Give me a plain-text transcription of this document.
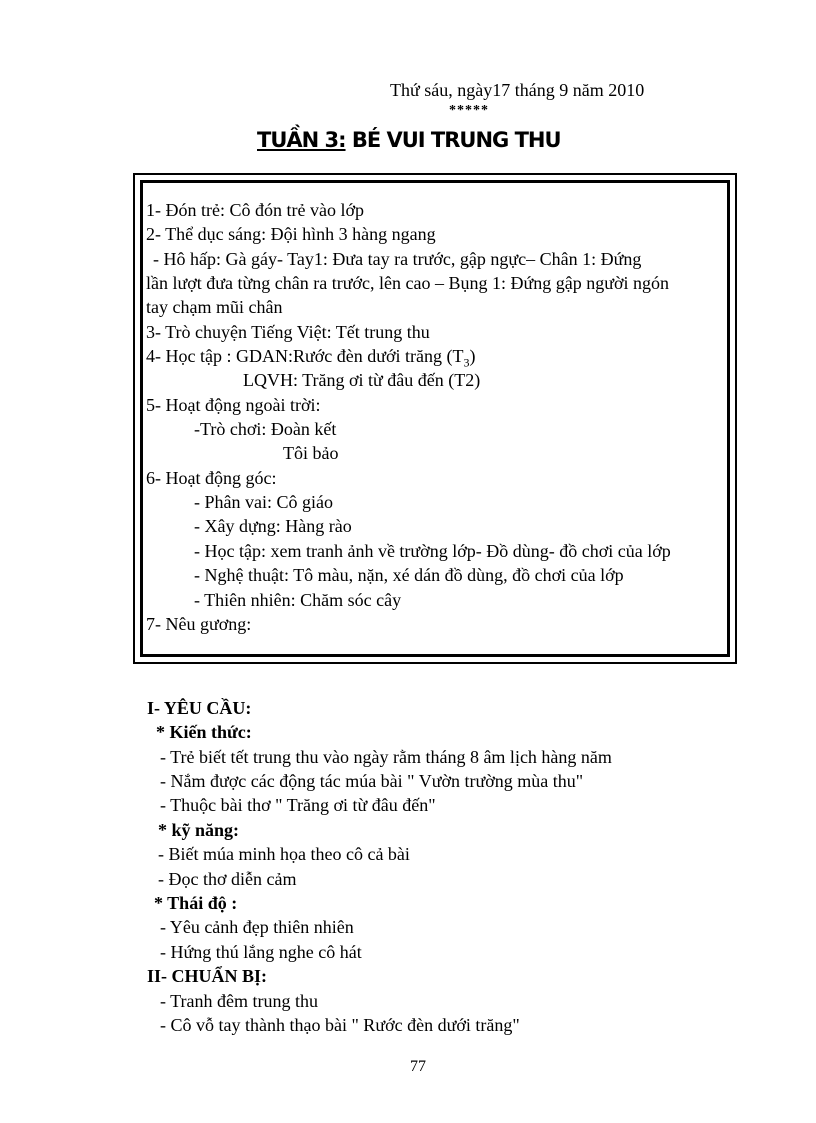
Thứ sáu, ngày17 tháng 9 năm 2010
*****
TUẦN 3: BÉ VUI TRUNG THU
1- Đón trẻ: Cô đón trẻ vào lớp
2- Thể dục sáng: Đội hình 3 hàng ngang
- Hô hấp: Gà gáy- Tay1: Đưa tay ra trước, gập ngực– Chân 1: Đứng
lần lượt đưa từng chân ra trước, lên cao – Bụng 1: Đứng gập người ngón
tay chạm mũi chân
3- Trò chuyện Tiếng Việt: Tết trung thu
4- Học tập : GDAN:Rước đèn dưới trăng $(T_3)$
LQVH: Trăng ơi từ đâu đến (T2)
5- Hoạt động ngoài trời:
-Trò chơi: Đoàn kết
Tôi bảo
6- Hoạt động góc:
- Phân vai: Cô giáo
- Xây dựng: Hàng rào
- Học tập: xem tranh ảnh về trường lớp- Đồ dùng- đồ chơi của lớp
- Nghệ thuật: Tô màu, nặn, xé dán đồ dùng, đồ chơi của lớp
- Thiên nhiên: Chăm sóc cây
7- Nêu gương:
I- YÊU CẦU:
* Kiến thức:
- Trẻ biết tết trung thu vào ngày rằm tháng 8 âm lịch hàng năm
- Nắm được các động tác múa bài " Vườn trường mùa thu"
- Thuộc bài thơ " Trăng ơi từ đâu đến"
* kỹ năng:
- Biết múa minh họa theo cô cả bài
- Đọc thơ diễn cảm
* Thái độ :
- Yêu cảnh đẹp thiên nhiên
- Hứng thú lắng nghe cô hát
II- CHUẨN BỊ:
- Tranh đêm trung thu
- Cô vỗ tay thành thạo bài " Rước đèn dưới trăng"
77
